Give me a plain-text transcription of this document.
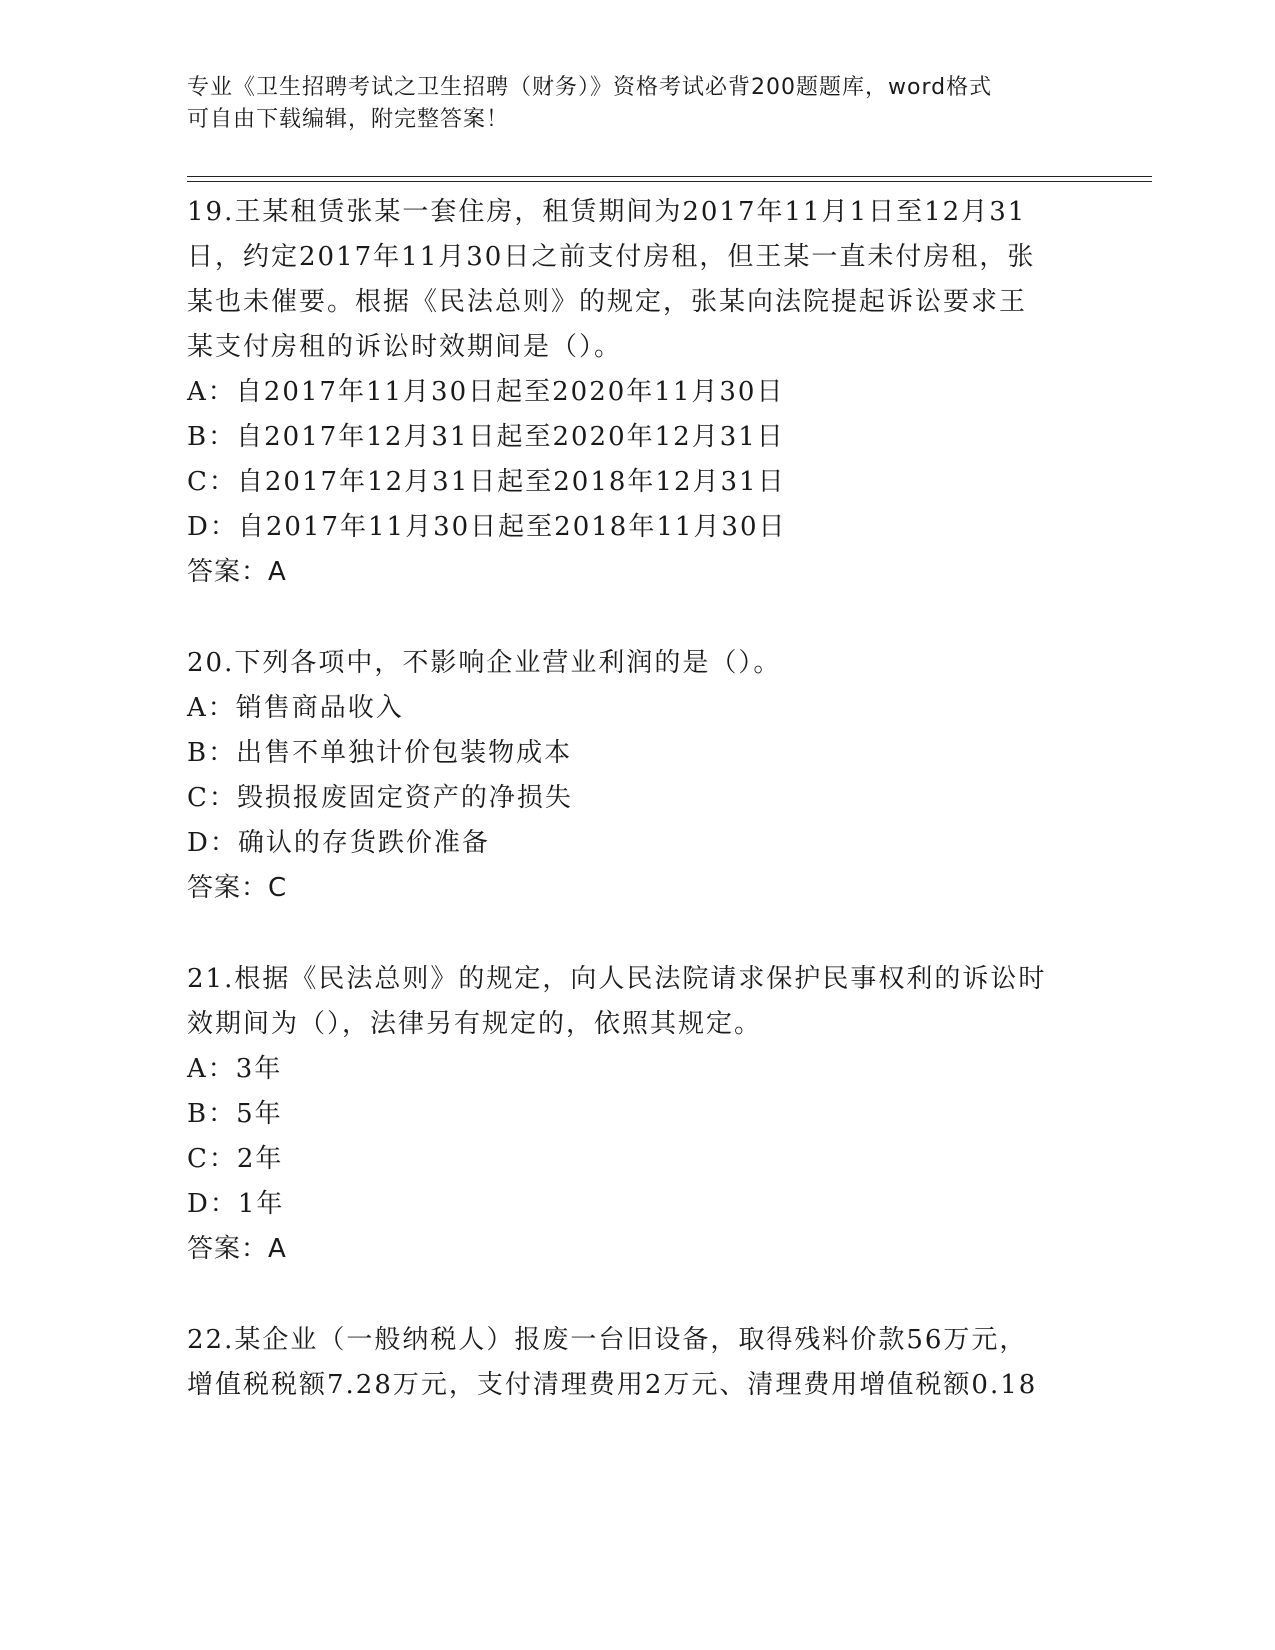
专业《卫生招聘考试之卫生招聘（财务）》资格考试必背200题题库，word格式
可自由下载编辑，附完整答案！
19.王某租赁张某一套住房，租赁期间为2017年11月1日至12月31
日，约定2017年11月30日之前支付房租，但王某一直未付房租，张
某也未催要。根据《民法总则》的规定，张某向法院提起诉讼要求王
某支付房租的诉讼时效期间是（）。
A：自2017年11月30日起至2020年11月30日
B：自2017年12月31日起至2020年12月31日
C：自2017年12月31日起至2018年12月31日
D：自2017年11月30日起至2018年11月30日
答案：A
20.下列各项中，不影响企业营业利润的是（）。
A：销售商品收入
B：出售不单独计价包装物成本
C：毁损报废固定资产的净损失
D：确认的存货跌价准备
答案：C
21.根据《民法总则》的规定，向人民法院请求保护民事权利的诉讼时
效期间为（），法律另有规定的，依照其规定。
A：3年
B：5年
C：2年
D：1年
答案：A
22.某企业（一般纳税人）报废一台旧设备，取得残料价款56万元，
增值税税额7.28万元，支付清理费用2万元、清理费用增值税额0.18
